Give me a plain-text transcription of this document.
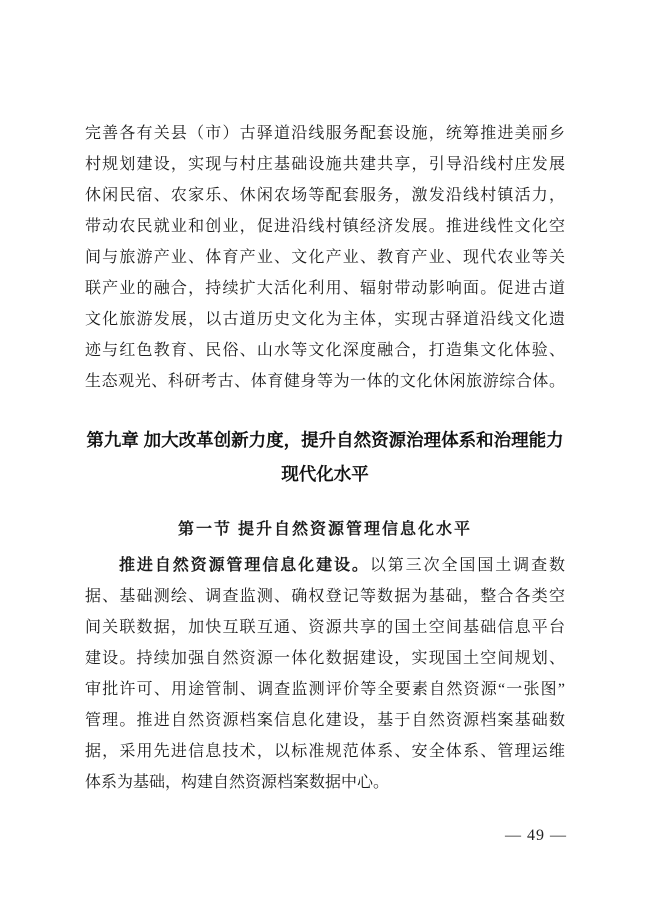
完善各有关县（市）古驿道沿线服务配套设施，统筹推进美丽乡
村规划建设，实现与村庄基础设施共建共享，引导沿线村庄发展
休闲民宿、农家乐、休闲农场等配套服务，激发沿线村镇活力，
带动农民就业和创业，促进沿线村镇经济发展。推进线性文化空
间与旅游产业、体育产业、文化产业、教育产业、现代农业等关
联产业的融合，持续扩大活化利用、辐射带动影响面。促进古道
文化旅游发展，以古道历史文化为主体，实现古驿道沿线文化遗
迹与红色教育、民俗、山水等文化深度融合，打造集文化体验、
生态观光、科研考古、体育健身等为一体的文化休闲旅游综合体。

第九章 加大改革创新力度，提升自然资源治理体系和治理能力
现代化水平
第一节 提升自然资源管理信息化水平

推进自然资源管理信息化建设。以第三次全国国土调查数
据、基础测绘、调查监测、确权登记等数据为基础，整合各类空
间关联数据，加快互联互通、资源共享的国土空间基础信息平台
建设。持续加强自然资源一体化数据建设，实现国土空间规划、
审批许可、用途管制、调查监测评价等全要素自然资源“一张图”
管理。推进自然资源档案信息化建设，基于自然资源档案基础数
据，采用先进信息技术，以标准规范体系、安全体系、管理运维
体系为基础，构建自然资源档案数据中心。

— 49 —
